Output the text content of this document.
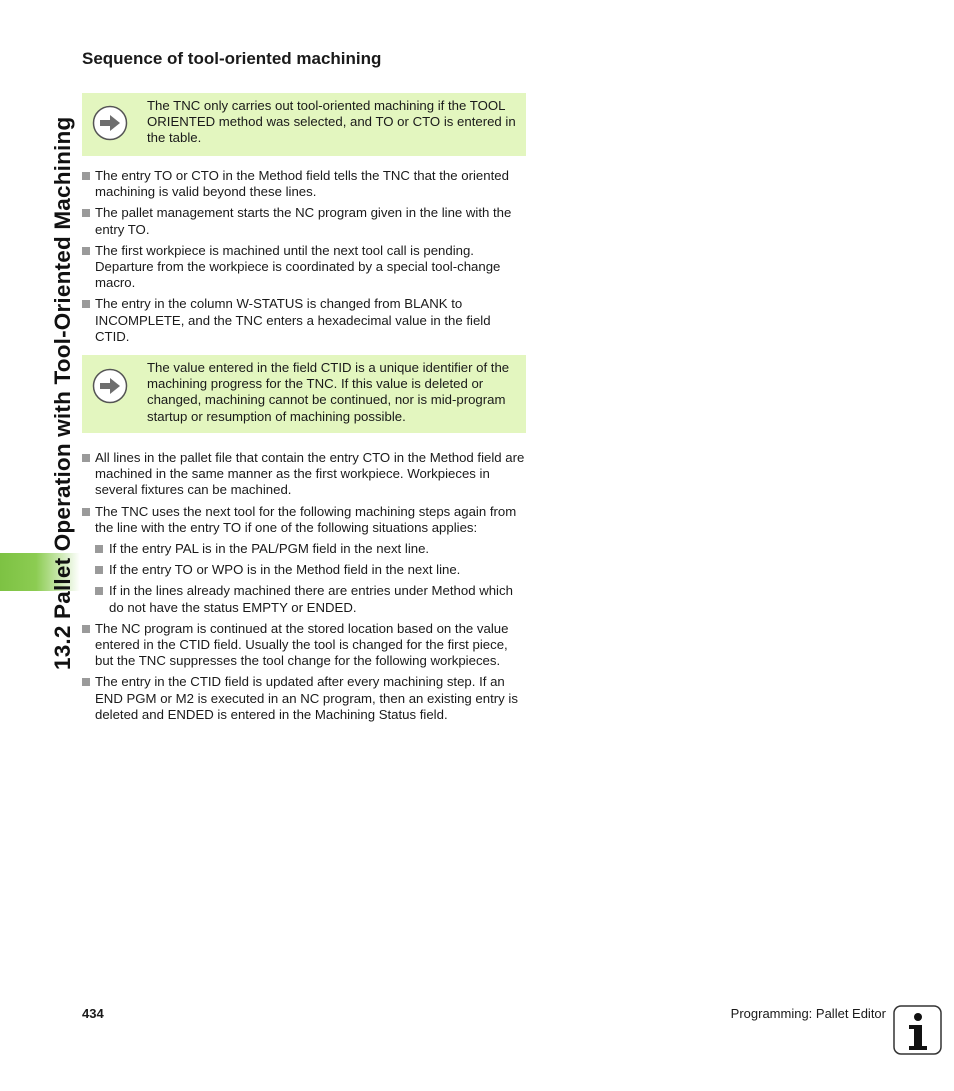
13.2 Pallet Operation with Tool-Oriented Machining
Sequence of tool-oriented machining
The TNC only carries out tool-oriented machining if the TOOL ORIENTED method was selected, and TO or CTO is entered in the table.
The entry TO or CTO in the Method field tells the TNC that the oriented machining is valid beyond these lines.
The pallet management starts the NC program given in the line with the entry TO.
The first workpiece is machined until the next tool call is pending. Departure from the workpiece is coordinated by a special tool-change macro.
The entry in the column W-STATUS is changed from BLANK to INCOMPLETE, and the TNC enters a hexadecimal value in the field CTID.
The value entered in the field CTID is a unique identifier of the machining progress for the TNC. If this value is deleted or changed, machining cannot be continued, nor is mid-program startup or resumption of machining possible.
All lines in the pallet file that contain the entry CTO in the Method field are machined in the same manner as the first workpiece. Workpieces in several fixtures can be machined.
The TNC uses the next tool for the following machining steps again from the line with the entry TO if one of the following situations applies:
If the entry PAL is in the PAL/PGM field in the next line.
If the entry TO or WPO is in the Method field in the next line.
If in the lines already machined there are entries under Method which do not have the status EMPTY or ENDED.
The NC program is continued at the stored location based on the value entered in the CTID field. Usually the tool is changed for the first piece, but the TNC suppresses the tool change for the following workpieces.
The entry in the CTID field is updated after every machining step. If an END PGM or M2 is executed in an NC program, then an existing entry is deleted and ENDED is entered in the Machining Status field.
434	Programming: Pallet Editor
